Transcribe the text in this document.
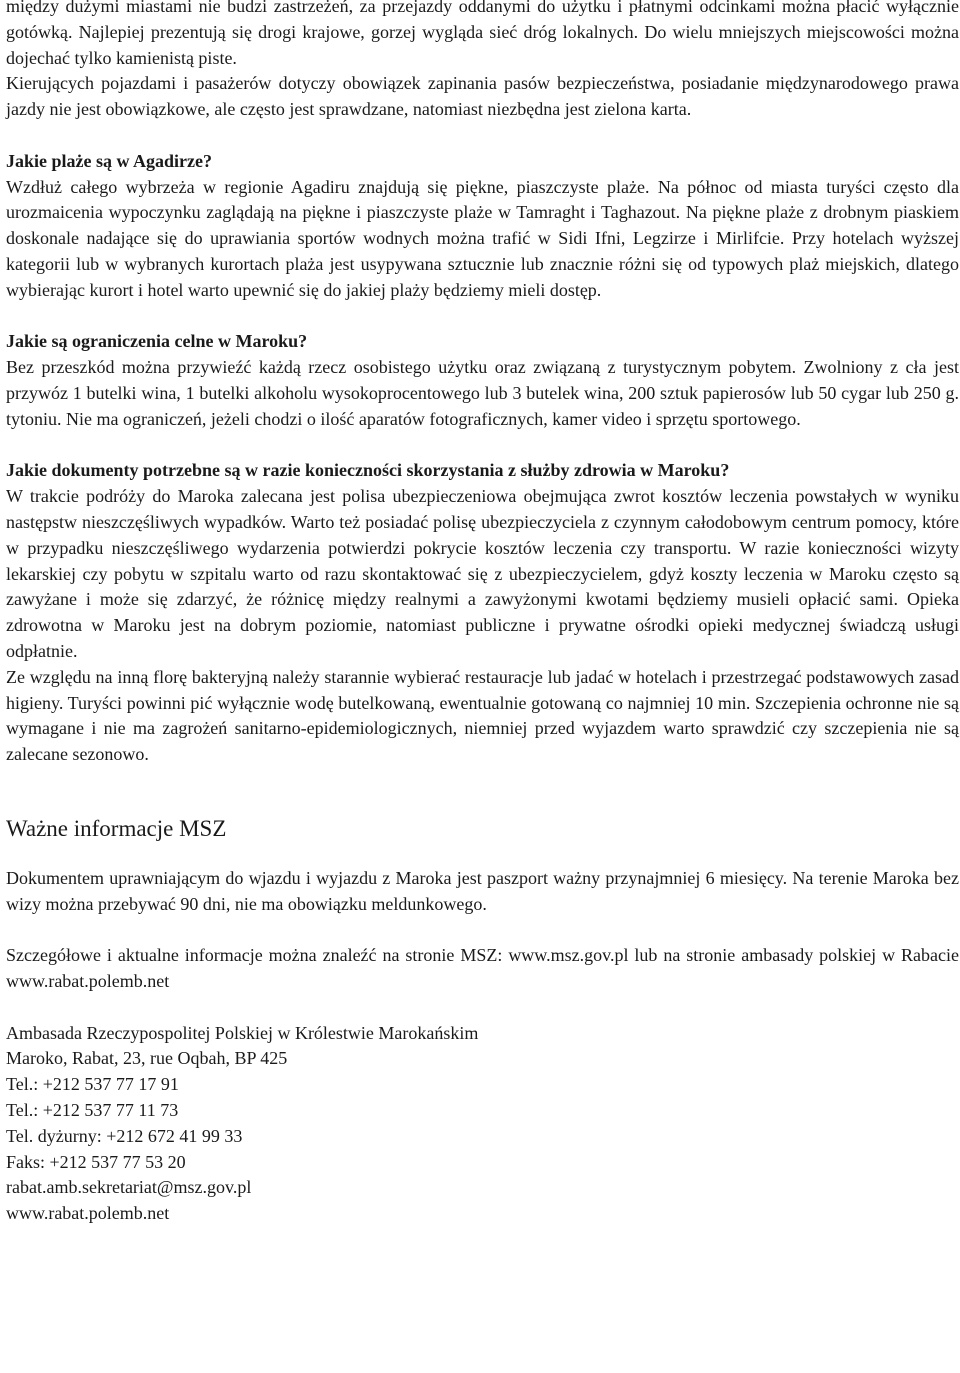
między dużymi miastami nie budzi zastrzeżeń, za przejazdy oddanymi do użytku i płatnymi odcinkami można płacić wyłącznie gotówką. Najlepiej prezentują się drogi krajowe, gorzej wygląda sieć dróg lokalnych. Do wielu mniejszych miejscowości można dojechać tylko kamienistą piste.

Kierujących pojazdami i pasażerów dotyczy obowiązek zapinania pasów bezpieczeństwa, posiadanie międzynarodowego prawa jazdy nie jest obowiązkowe, ale często jest sprawdzane, natomiast niezbędna jest zielona karta.

Jakie plaże są w Agadirze?

Wzdłuż całego wybrzeża w regionie Agadiru znajdują się piękne, piaszczyste plaże. Na północ od miasta turyści często dla urozmaicenia wypoczynku zaglądają na piękne i piaszczyste plaże w Tamraght i Taghazout. Na piękne plaże z drobnym piaskiem doskonale nadające się do uprawiania sportów wodnych można trafić w Sidi Ifni, Legzirze i Mirlifcie. Przy hotelach wyższej kategorii lub w wybranych kurortach plaża jest usypywana sztucznie lub znacznie różni się od typowych plaż miejskich, dlatego wybierając kurort i hotel warto upewnić się do jakiej plaży będziemy mieli dostęp.

Jakie są ograniczenia celne w Maroku?

Bez przeszkód można przywieźć każdą rzecz osobistego użytku oraz związaną z turystycznym pobytem. Zwolniony z cła jest przywóz 1 butelki wina, 1 butelki alkoholu wysokoprocentowego lub 3 butelek wina, 200 sztuk papierosów lub 50 cygar lub 250 g. tytoniu. Nie ma ograniczeń, jeżeli chodzi o ilość aparatów fotograficznych, kamer video i sprzętu sportowego.

Jakie dokumenty potrzebne są w razie konieczności skorzystania z służby zdrowia w Maroku?

W trakcie podróży do Maroka zalecana jest polisa ubezpieczeniowa obejmująca zwrot kosztów leczenia powstałych w wyniku następstw nieszczęśliwych wypadków. Warto też posiadać polisę ubezpieczyciela z czynnym całodobowym centrum pomocy, które w przypadku nieszczęśliwego wydarzenia potwierdzi pokrycie kosztów leczenia czy transportu. W razie konieczności wizyty lekarskiej czy pobytu w szpitalu warto od razu skontaktować się z ubezpieczycielem, gdyż koszty leczenia w Maroku często są zawyżane i może się zdarzyć, że różnicę między realnymi a zawyżonymi kwotami będziemy musieli opłacić sami. Opieka zdrowotna w Maroku jest na dobrym poziomie, natomiast publiczne i prywatne ośrodki opieki medycznej świadczą usługi odpłatnie.

Ze względu na inną florę bakteryjną należy starannie wybierać restauracje lub jadać w hotelach i przestrzegać podstawowych zasad higieny. Turyści powinni pić wyłącznie wodę butelkowaną, ewentualnie gotowaną co najmniej 10 min. Szczepienia ochronne nie są wymagane i nie ma zagrożeń sanitarno-epidemiologicznych, niemniej przed wyjazdem warto sprawdzić czy szczepienia nie są zalecane sezonowo.

Ważne informacje MSZ

Dokumentem uprawniającym do wjazdu i wyjazdu z Maroka jest paszport ważny przynajmniej 6 miesięcy. Na terenie Maroka bez wizy można przebywać 90 dni, nie ma obowiązku meldunkowego.

Szczegółowe i aktualne informacje można znaleźć na stronie MSZ: www.msz.gov.pl lub na stronie ambasady polskiej w Rabacie www.rabat.polemb.net

Ambasada Rzeczypospolitej Polskiej w Królestwie Marokańskim
Maroko, Rabat, 23, rue Oqbah, BP 425
Tel.: +212 537 77 17 91
Tel.: +212 537 77 11 73
Tel. dyżurny: +212 672 41 99 33
Faks: +212 537 77 53 20
rabat.amb.sekretariat@msz.gov.pl
www.rabat.polemb.net
